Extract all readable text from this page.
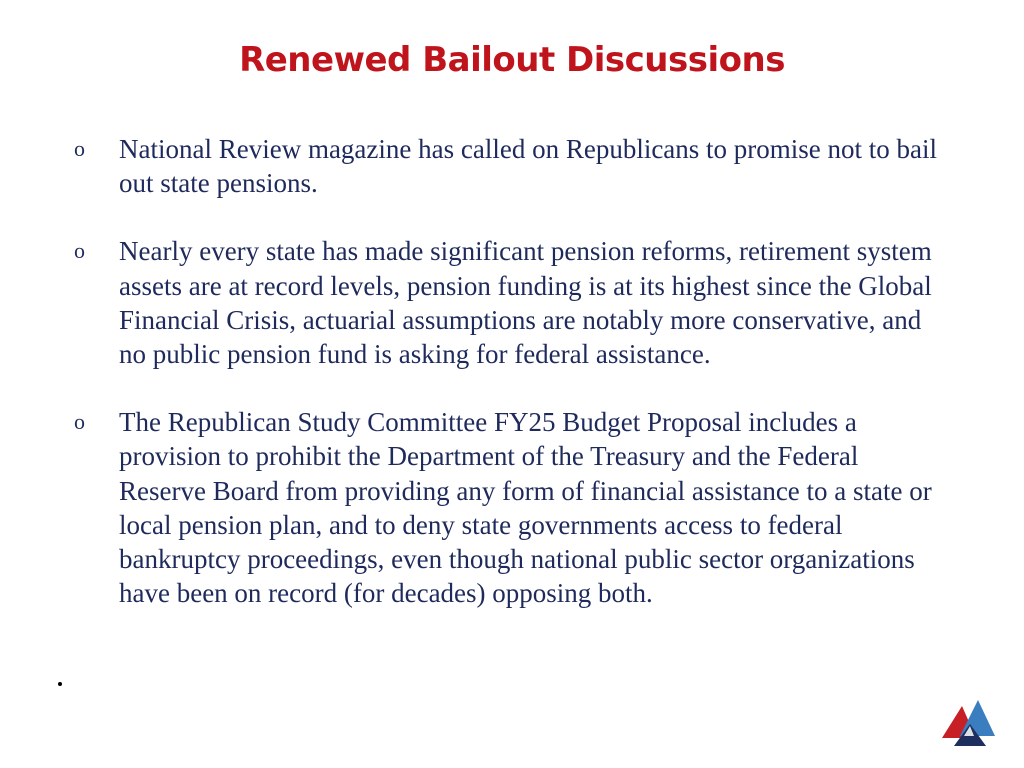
Renewed Bailout Discussions
o	National Review magazine has called on Republicans to promise not to bail out state pensions.
o	Nearly every state has made significant pension reforms, retirement system assets are at record levels, pension funding is at its highest since the Global Financial Crisis, actuarial assumptions are notably more conservative, and no public pension fund is asking for federal assistance.
o	The Republican Study Committee FY25 Budget Proposal includes a provision to prohibit the Department of the Treasury and the Federal Reserve Board from providing any form of financial assistance to a state or local pension plan, and to deny state governments access to federal bankruptcy proceedings, even though national public sector organizations have been on record (for decades) opposing both.
